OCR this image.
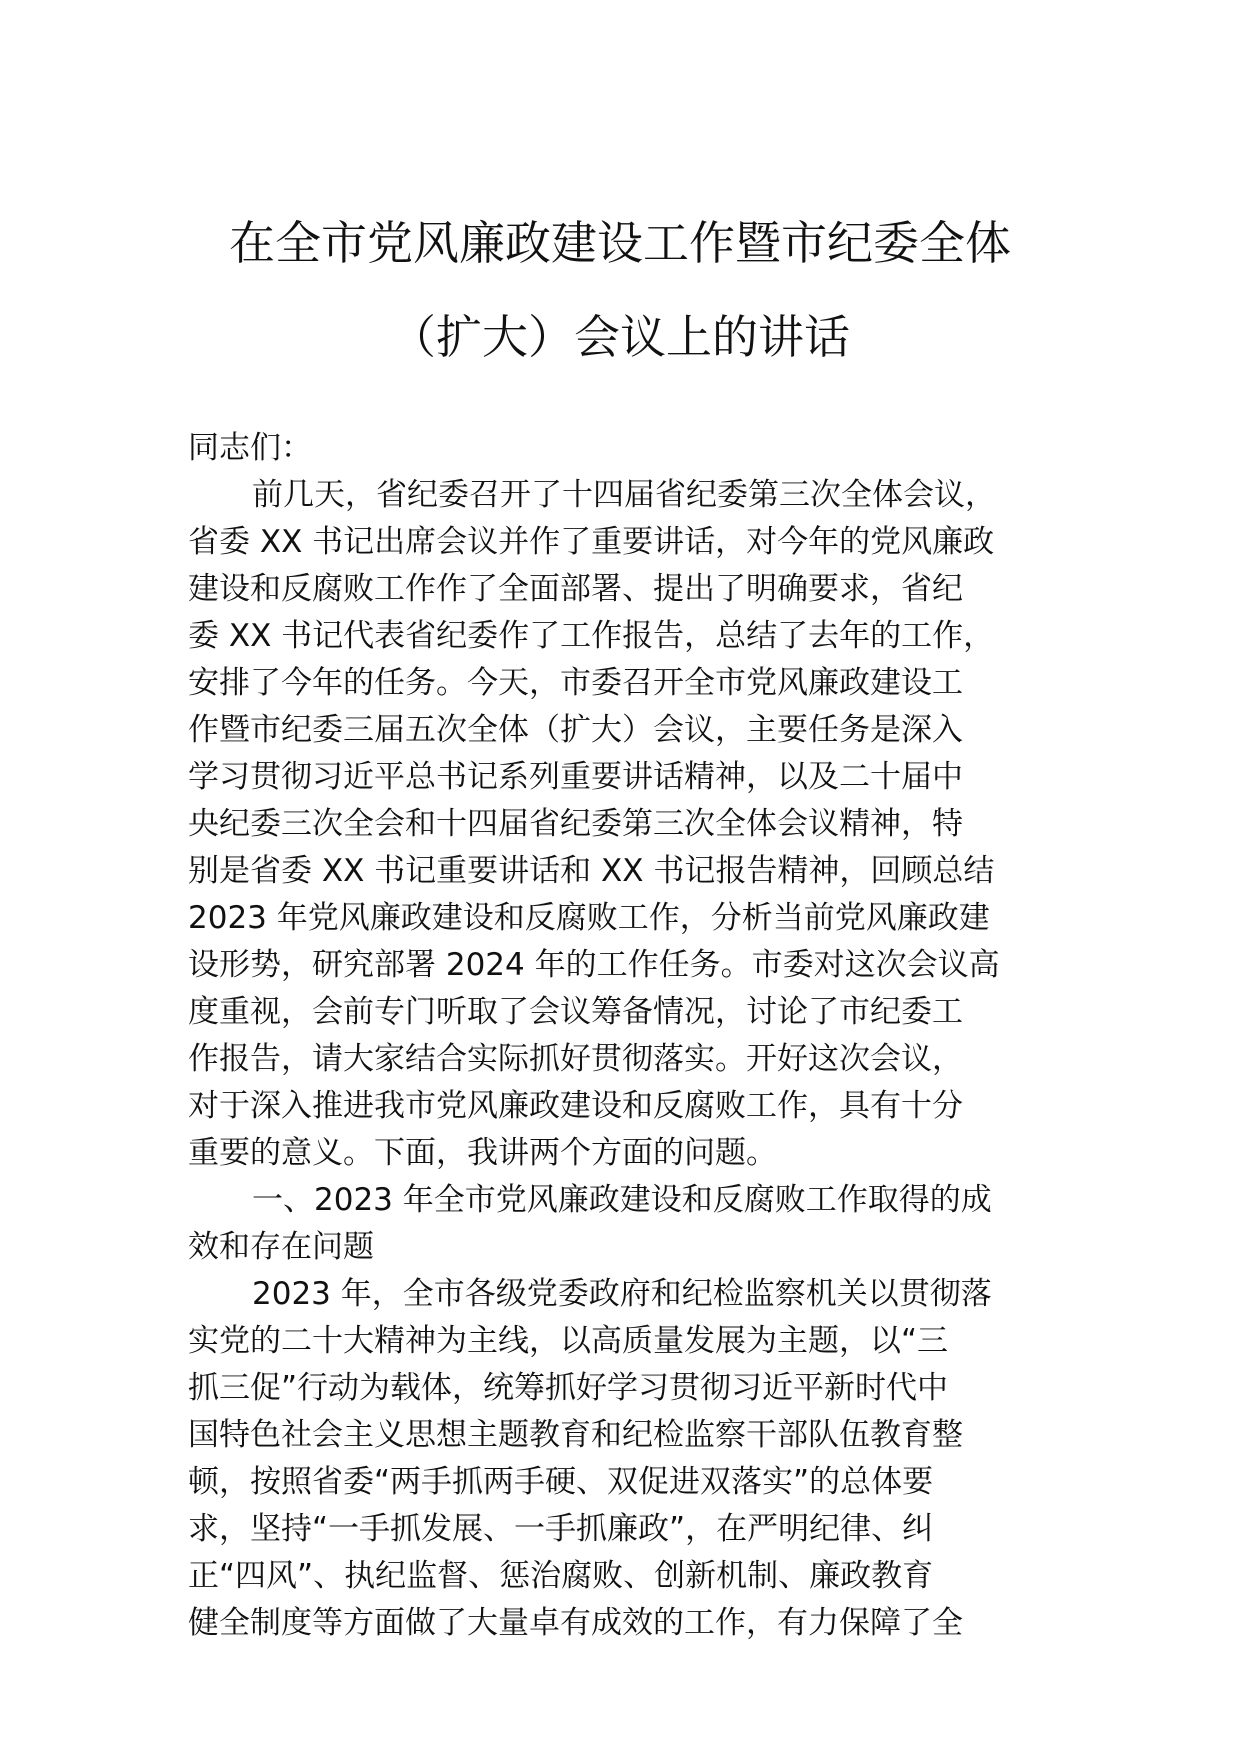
在全市党风廉政建设工作暨市纪委全体
（扩大）会议上的讲话
同志们：
前几天，省纪委召开了十四届省纪委第三次全体会议，
省委 XX 书记出席会议并作了重要讲话，对今年的党风廉政
建设和反腐败工作作了全面部署、提出了明确要求，省纪
委 XX 书记代表省纪委作了工作报告，总结了去年的工作，
安排了今年的任务。今天，市委召开全市党风廉政建设工
作暨市纪委三届五次全体（扩大）会议，主要任务是深入
学习贯彻习近平总书记系列重要讲话精神，以及二十届中
央纪委三次全会和十四届省纪委第三次全体会议精神，特
别是省委 XX 书记重要讲话和 XX 书记报告精神，回顾总结
2023 年党风廉政建设和反腐败工作，分析当前党风廉政建
设形势，研究部署 2024 年的工作任务。市委对这次会议高
度重视，会前专门听取了会议筹备情况，讨论了市纪委工
作报告，请大家结合实际抓好贯彻落实。开好这次会议，
对于深入推进我市党风廉政建设和反腐败工作，具有十分
重要的意义。下面，我讲两个方面的问题。
一、2023 年全市党风廉政建设和反腐败工作取得的成
效和存在问题
2023 年，全市各级党委政府和纪检监察机关以贯彻落
实党的二十大精神为主线，以高质量发展为主题，以“三
抓三促”行动为载体，统筹抓好学习贯彻习近平新时代中
国特色社会主义思想主题教育和纪检监察干部队伍教育整
顿，按照省委“两手抓两手硬、双促进双落实”的总体要
求，坚持“一手抓发展、一手抓廉政”，在严明纪律、纠
正“四风”、执纪监督、惩治腐败、创新机制、廉政教育
健全制度等方面做了大量卓有成效的工作，有力保障了全
